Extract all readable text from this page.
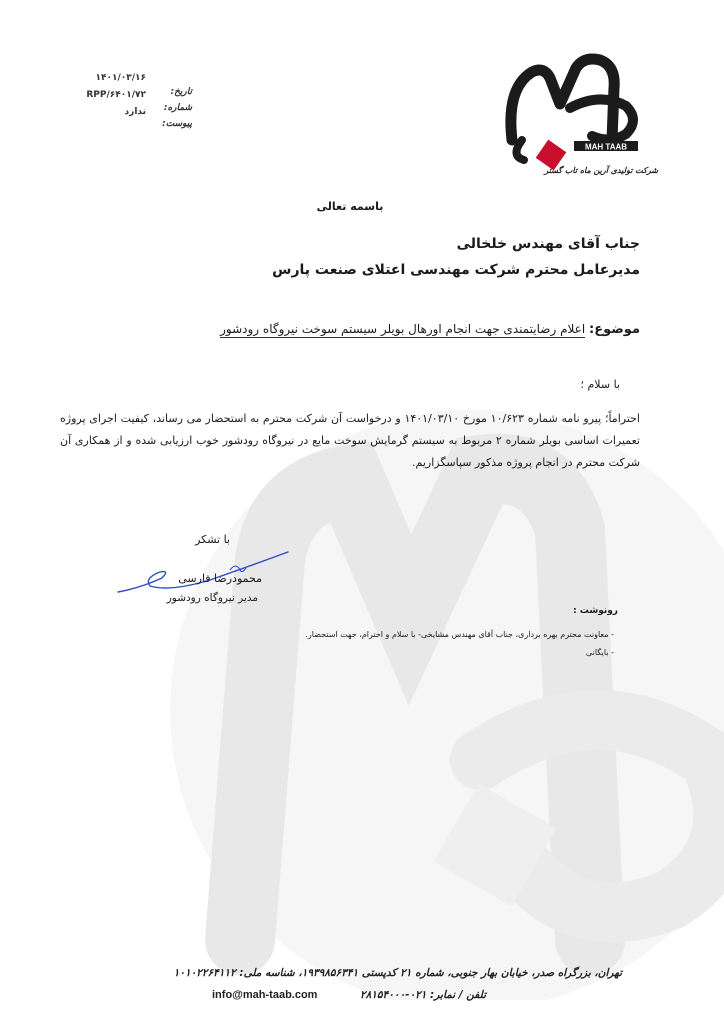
MAH TAAB
شرکت تولیدی آرین ماه تاب گستر
تاریخ:
شماره:
پیوست:
۱۴۰۱/۰۳/۱۶
RPP/۶۴۰۱/۷۲
ندارد
باسمه تعالی
جناب آقای مهندس خلخالی
مدیرعامل محترم شرکت مهندسی اعتلای صنعت پارس
موضوع: اعلام رضایتمندی جهت انجام اورهال بویلر سیستم سوخت نیروگاه رودشور
با سلام ؛
احتراماً؛ پیرو نامه شماره ۱۰/۶۲۳ مورخ ۱۴۰۱/۰۳/۱۰ و درخواست آن شرکت محترم به استحضار می رساند، کیفیت اجرای پروژه تعمیرات اساسی بویلر شماره ۲ مربوط به سیستم گرمایش سوخت مایع در نیروگاه رودشور خوب ارزیابی شده و از همکاری آن شرکت محترم در انجام پروژه مذکور سپاسگزاریم.
با تشکر
محمودرضا فارسی
مدیر نیروگاه رودشور
رونوشت :
- معاونت محترم بهره برداری، جناب آقای مهندس مشایخی- با سلام و احترام، جهت استحضار.
- بایگانی
تهران، بزرگراه صدر، خیابان بهار جنوبی، شماره ۲۱ کدپستی ۱۹۳۹۸۵۶۳۴۱، شناسه ملی: ۱۰۱۰۲۲۶۴۱۱۲
تلفن / نمابر: ۰۲۱-۲۸۱۵۴۰۰۰
info@mah-taab.com
